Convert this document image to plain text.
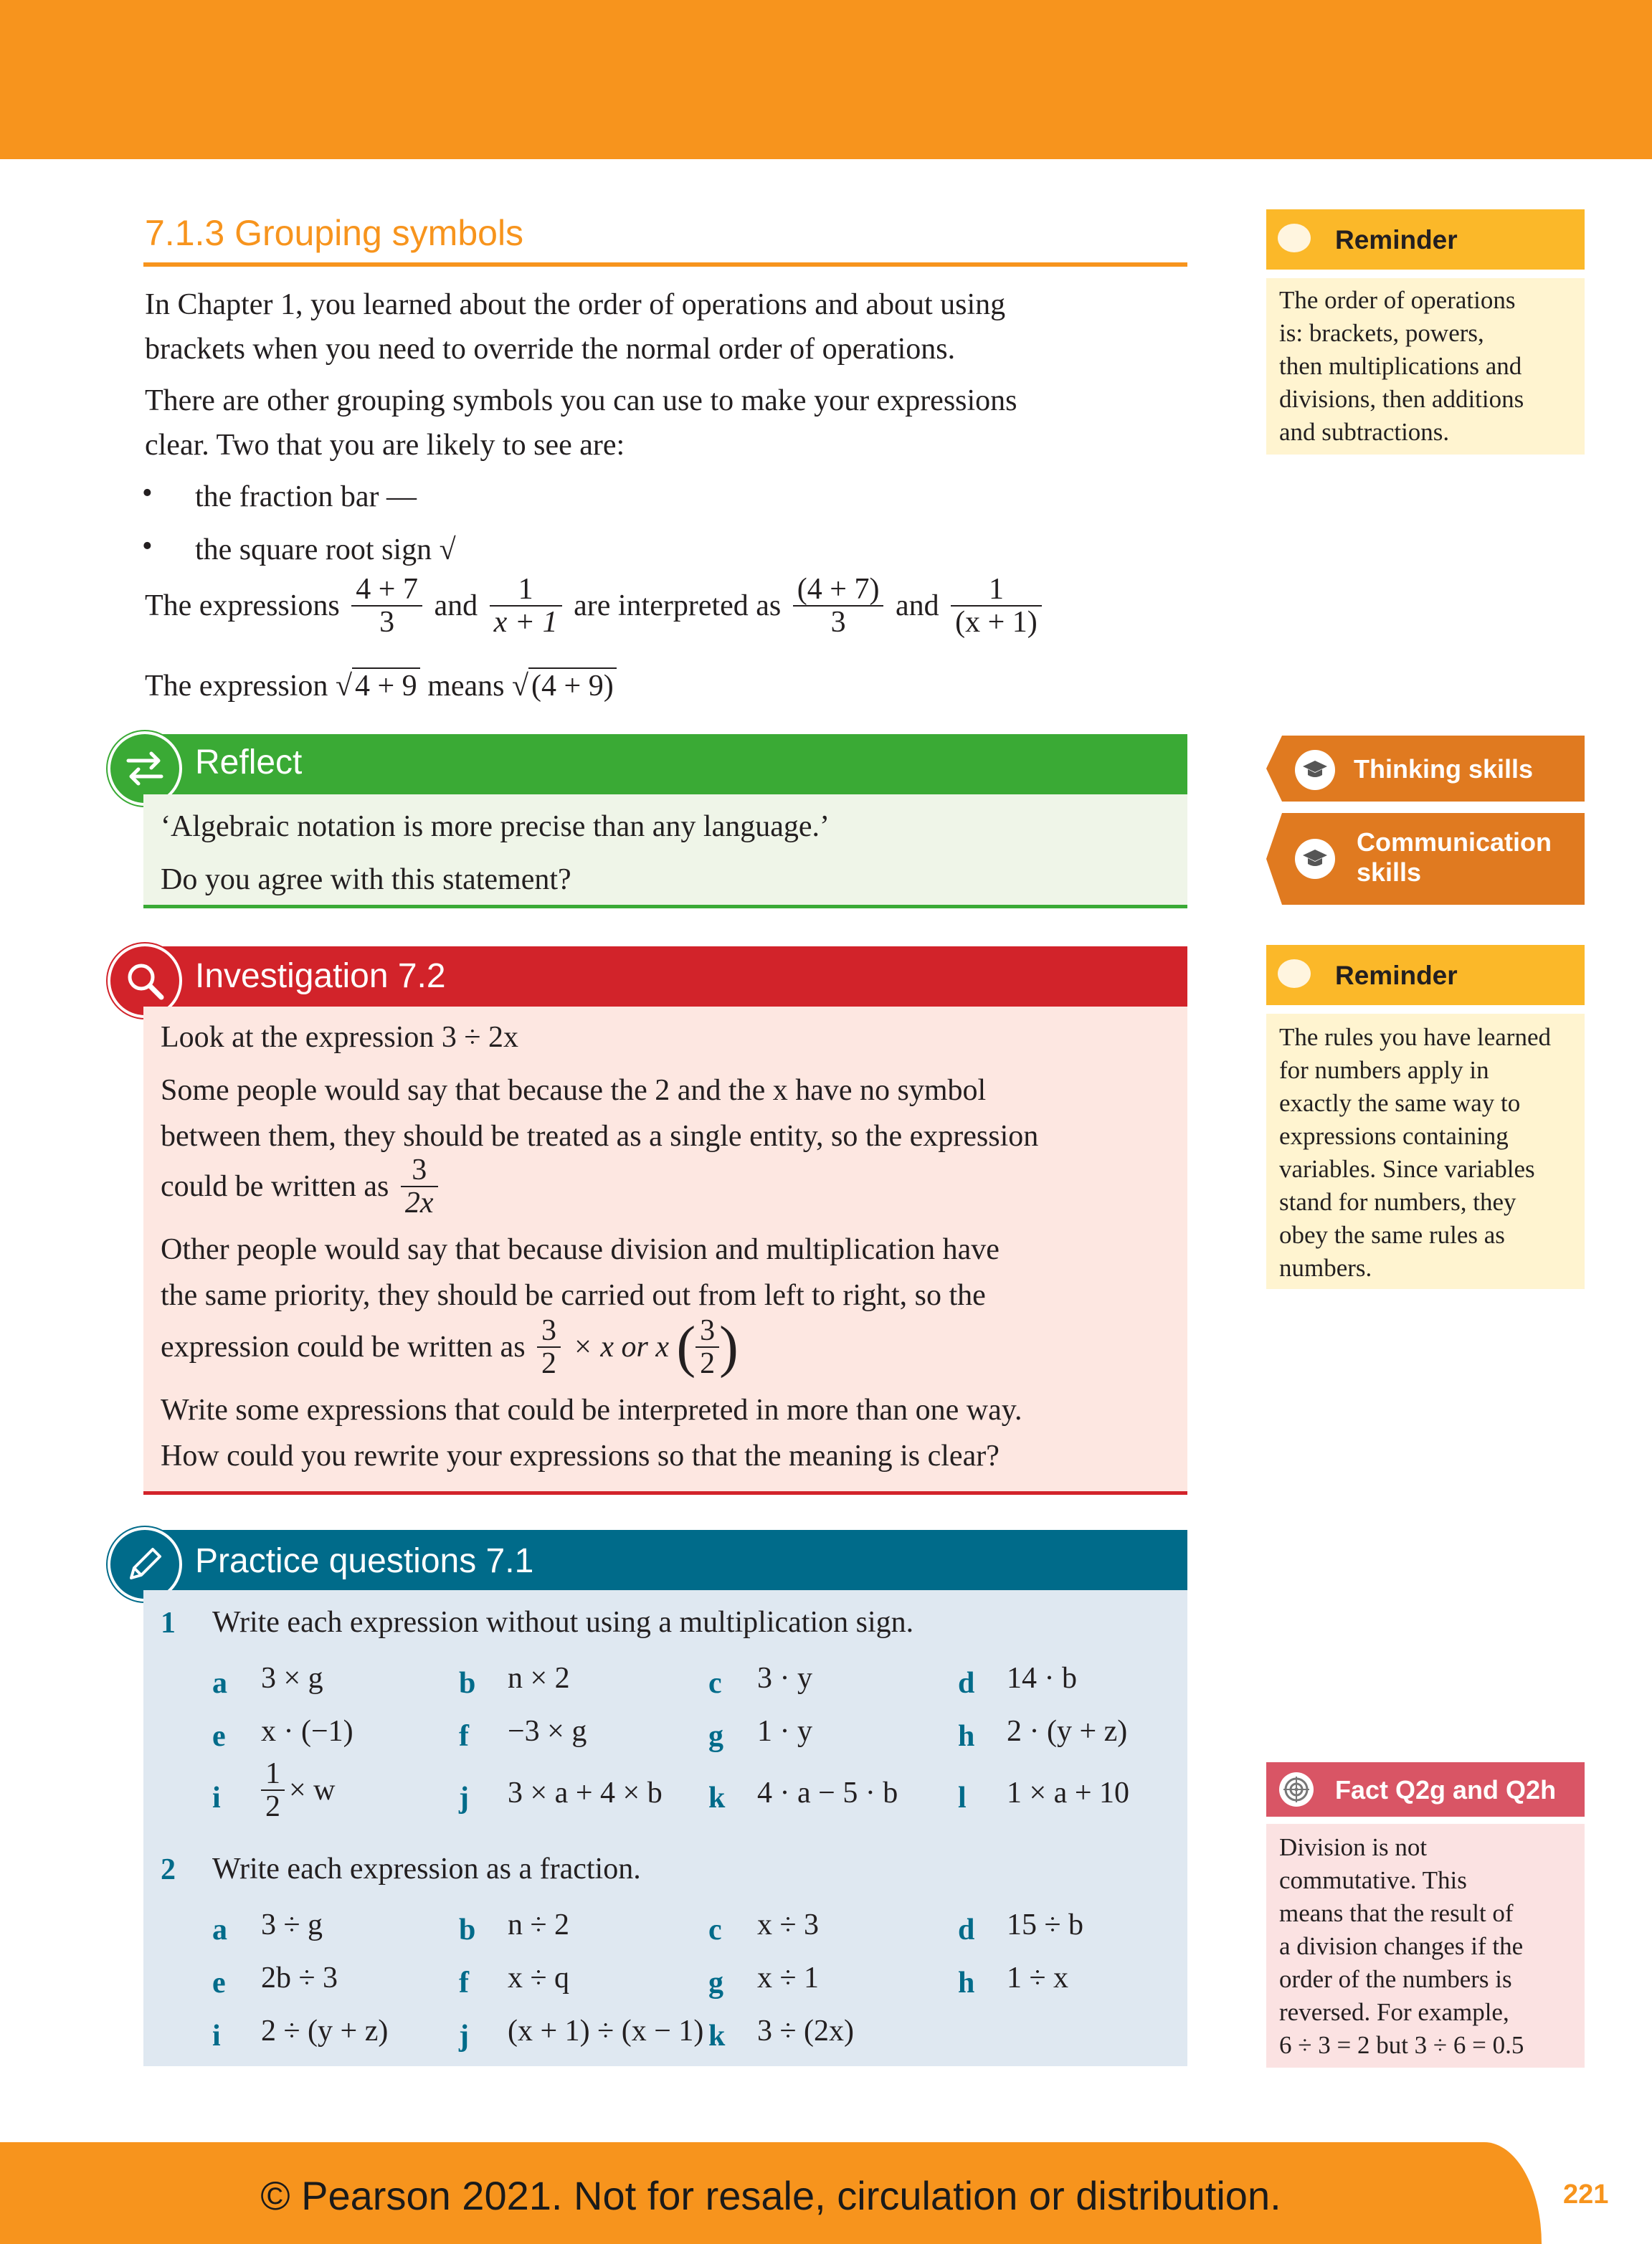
7.1.3 Grouping symbols
In Chapter 1, you learned about the order of operations and about using
brackets when you need to override the normal order of operations.
There are other grouping symbols you can use to make your expressions
clear. Two that you are likely to see are:
• the fraction bar —
• the square root sign √
The expressions $\frac{4 + 7}{3}$ and $\frac{1}{x + 1}$ are interpreted as $\frac{(4 + 7)}{3}$ and $\frac{1}{(x + 1)}$
The expression √4 + 9 means √(4 + 9)
Reflect
‘Algebraic notation is more precise than any language.’
Do you agree with this statement?
Investigation 7.2
Look at the expression 3 ÷ 2x
Some people would say that because the 2 and the x have no symbol
between them, they should be treated as a single entity, so the expression
could be written as $\frac{3}{2x}$
Other people would say that because division and multiplication have
the same priority, they should be carried out from left to right, so the
expression could be written as $\frac{3}{2} \times x$ or x ( $\frac{3}{2}$ )
Write some expressions that could be interpreted in more than one way.
How could you rewrite your expressions so that the meaning is clear?
Practice questions 7.1
1 Write each expression without using a multiplication sign.
a 3 × g	b n × 2	c 3 · y	d 14 · b
e x · (−1)	f −3 × g	g 1 · y	h 2 · (y + z)
i $\frac{1}{2} \times w$	j 3 × a + 4 × b k 4 · a − 5 · b l 1 × a + 10
2 Write each expression as a fraction.
a 3 ÷ g	b n ÷ 2	c x ÷ 3	d 15 ÷ b
e 2b ÷ 3	f x ÷ q	g x ÷ 1	h 1 ÷ x
i 2 ÷ (y + z) j (x + 1) ÷ (x − 1) k 3 ÷ (2x)
Reminder
The order of operations
is: brackets, powers,
then multiplications and
divisions, then additions
and subtractions.
Thinking skills
Communication
skills
Reminder
The rules you have learned
for numbers apply in
exactly the same way to
expressions containing
variables. Since variables
stand for numbers, they
obey the same rules as
numbers.
Fact Q2g and Q2h
Division is not
commutative. This
means that the result of
a division changes if the
order of the numbers is
reversed. For example,
6 ÷ 3 = 2 but 3 ÷ 6 = 0.5
© Pearson 2021. Not for resale, circulation or distribution.	221
